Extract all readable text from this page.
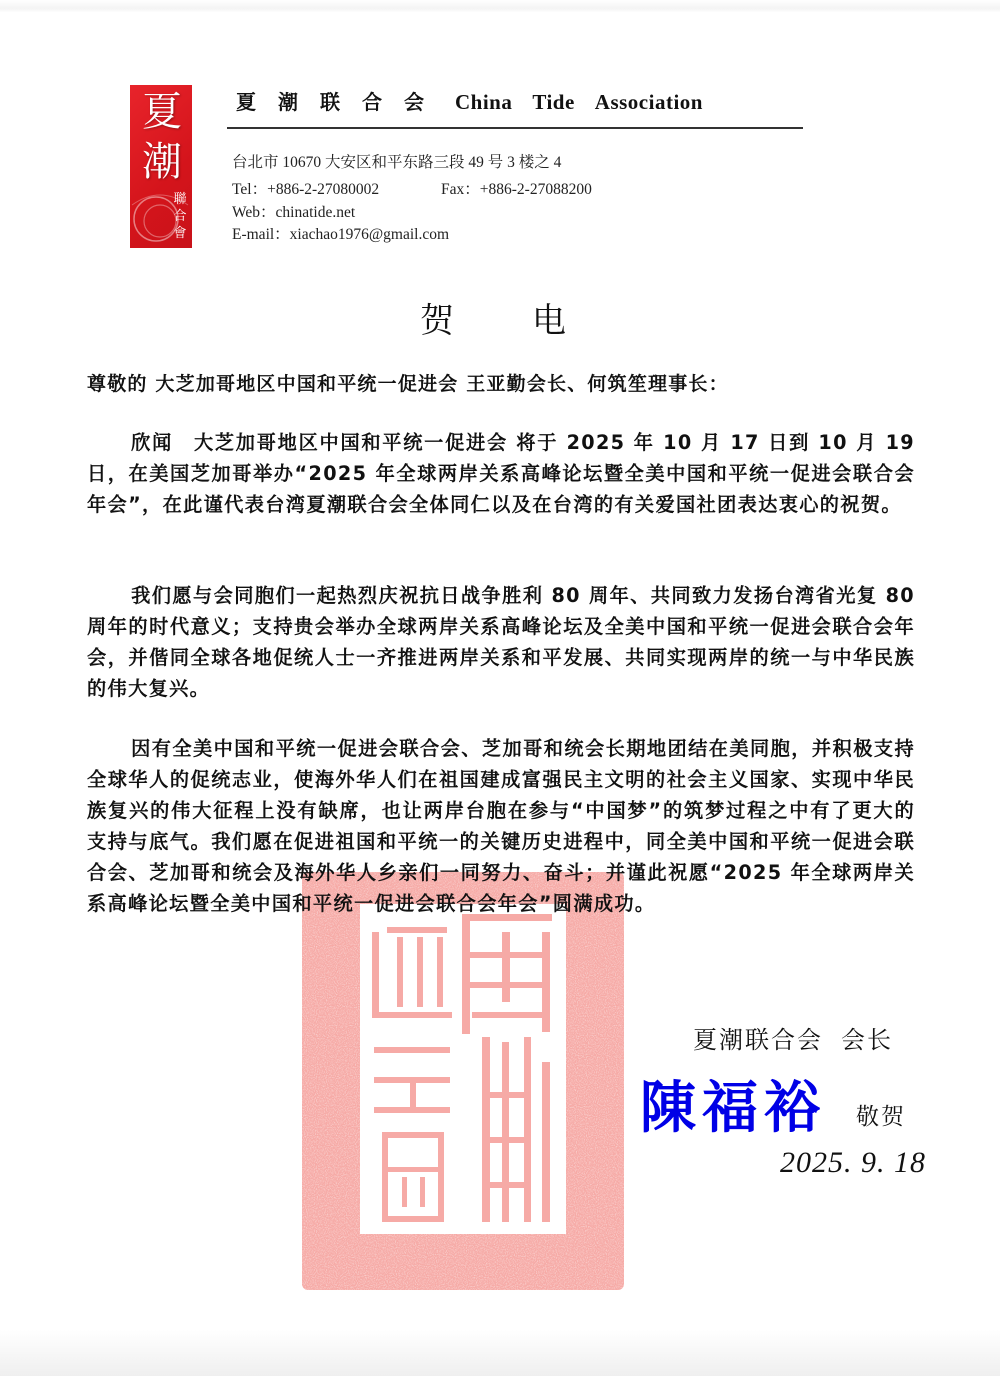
夏
潮
聯
合
會
夏 潮 联 合 会 China Tide Association
台北市 10670 大安区和平东路三段 49 号 3 楼之 4
Tel：+886-2-27080002	Fax：+886-2-27088200
Web：chinatide.net
E-mail：xiachao1976@gmail.com
贺 电
尊敬的 大芝加哥地区中国和平统一促进会 王亚勤会长、何筑笙理事长：
欣闻　大芝加哥地区中国和平统一促进会 将于 2025 年 10 月 17 日到 10 月 19 日，在美国芝加哥举办“2025 年全球两岸关系高峰论坛暨全美中国和平统一促进会联合会年会”，在此谨代表台湾夏潮联合会全体同仁以及在台湾的有关爱国社团表达衷心的祝贺。
我们愿与会同胞们一起热烈庆祝抗日战争胜利 80 周年、共同致力发扬台湾省光复 80 周年的时代意义；支持贵会举办全球两岸关系高峰论坛及全美中国和平统一促进会联合会年会，并偕同全球各地促统人士一齐推进两岸关系和平发展、共同实现两岸的统一与中华民族的伟大复兴。
因有全美中国和平统一促进会联合会、芝加哥和统会长期地团结在美同胞，并积极支持全球华人的促统志业，使海外华人们在祖国建成富强民主文明的社会主义国家、实现中华民族复兴的伟大征程上没有缺席，也让两岸台胞在参与“中国梦”的筑梦过程之中有了更大的支持与底气。我们愿在促进祖国和平统一的关键历史进程中，同全美中国和平统一促进会联合会、芝加哥和统会及海外华人乡亲们一同努力、奋斗；并谨此祝愿“2025 年全球两岸关系高峰论坛暨全美中国和平统一促进会联合会年会”圆满成功。
夏潮联合会 会长
陳福裕 敬贺
2025. 9. 18
